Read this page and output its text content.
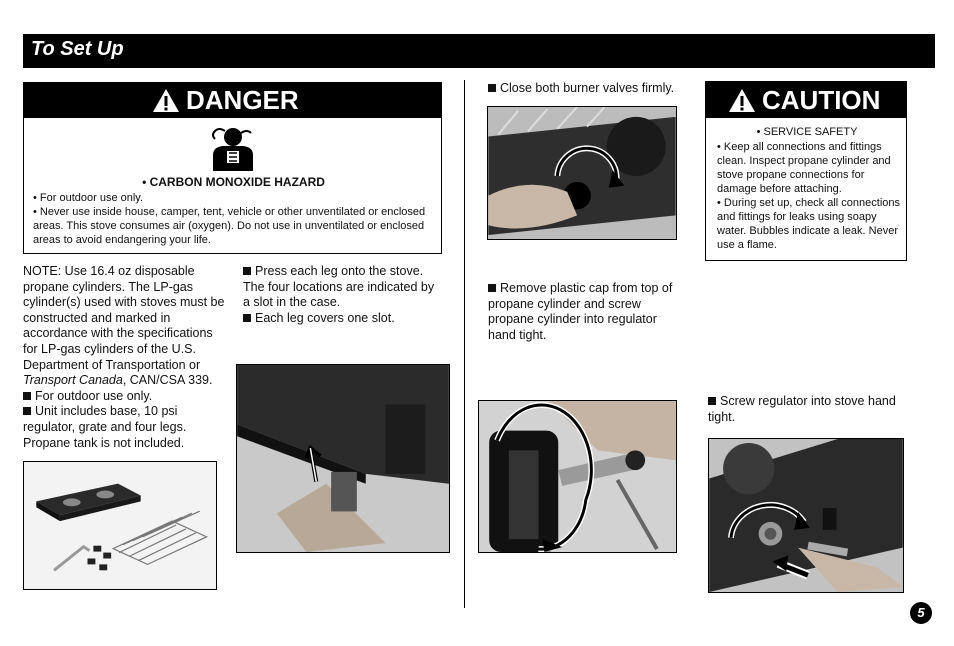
To Set Up
DANGER
• CARBON MONOXIDE HAZARD

• For outdoor use only.

• Never use inside house, camper, tent, vehicle or other unventilated or enclosed areas. This stove consumes air (oxygen). Do not use in unventilated or enclosed areas to avoid endangering your life.

NOTE: Use 16.4 oz disposable propane cylinders. The LP-gas cylinder(s) used with stoves must be constructed and marked in accordance with the specifications for LP-gas cylinders of the U.S. Department of Transportation or Transport Canada, CAN/CSA 339.

For outdoor use only.

Unit includes base, 10 psi regulator, grate and four legs. Propane tank is not included.

Press each leg onto the stove. The four locations are indicated by a slot in the case.

Each leg covers one slot.

Close both burner valves firmly.

Remove plastic cap from top of propane cylinder and screw propane cylinder into regulator hand tight.

CAUTION
• SERVICE SAFETY

• Keep all connections and fittings clean. Inspect propane cylinder and stove propane connections for damage before attaching.

• During set up, check all connections and fittings for leaks using soapy water. Bubbles indicate a leak. Never use a flame.

Screw regulator into stove hand tight.

5
